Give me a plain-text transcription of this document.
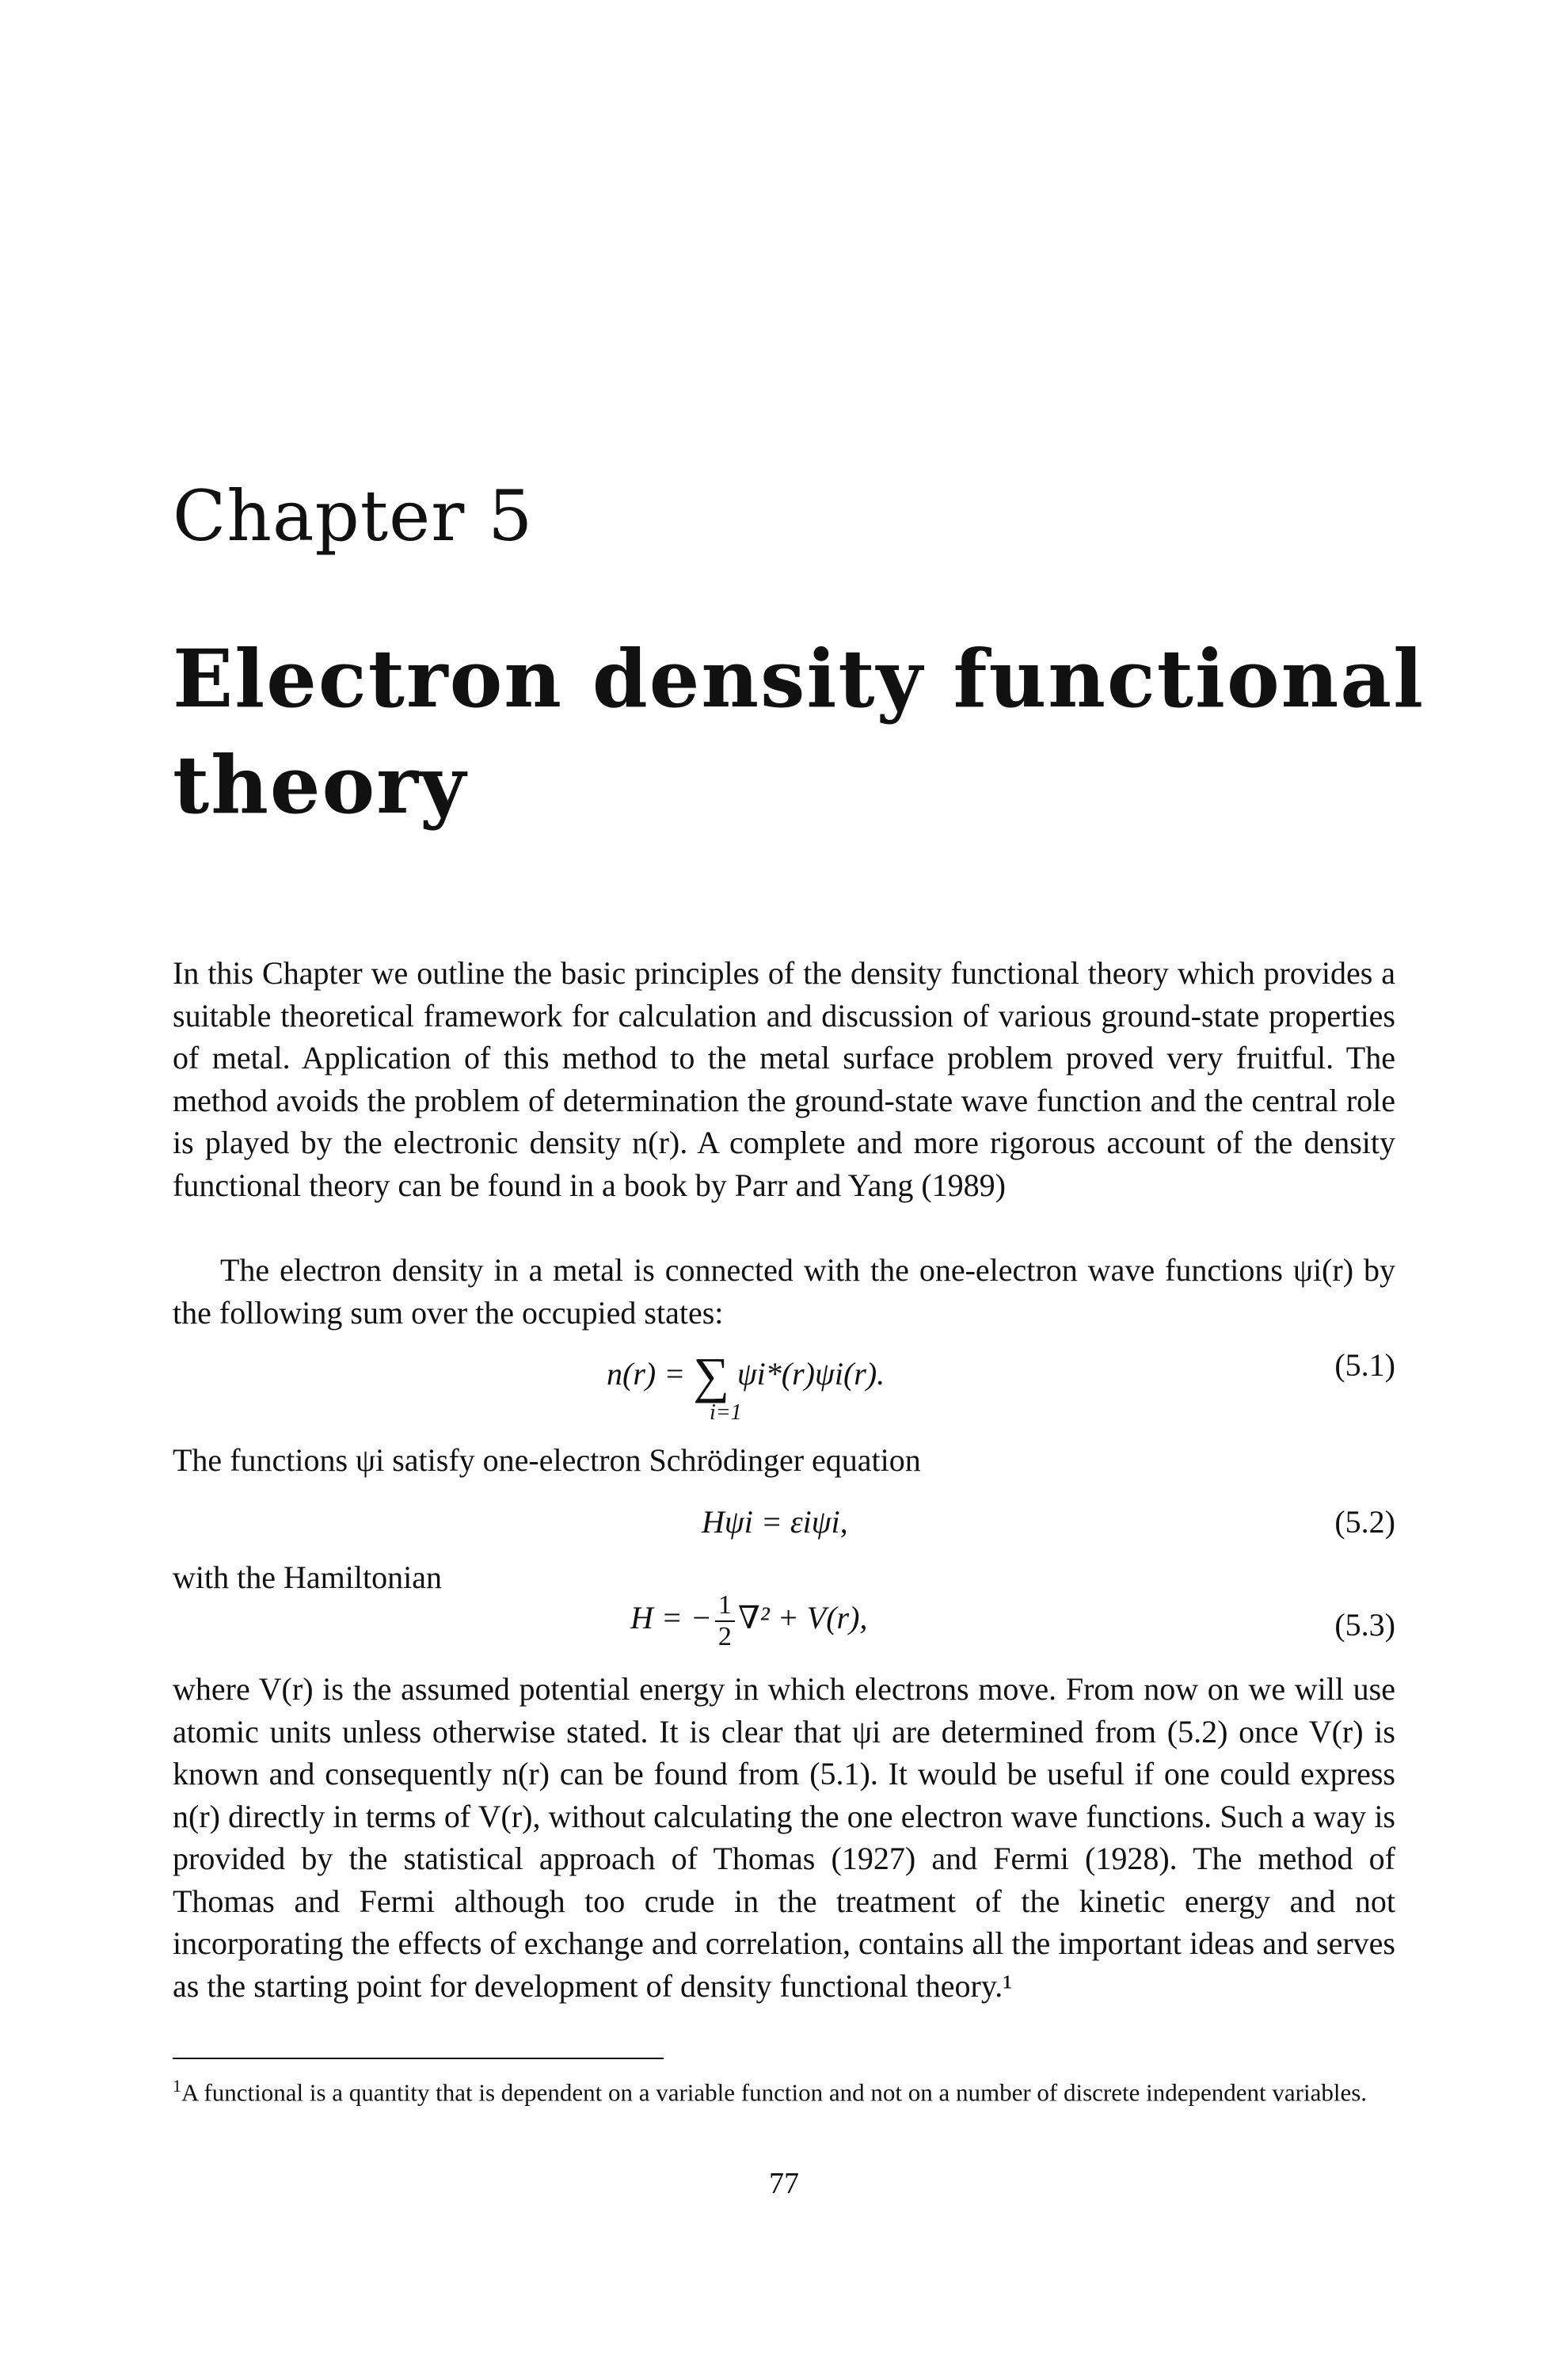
Chapter 5
Electron density functional theory

In this Chapter we outline the basic principles of the density functional theory which provides a suitable theoretical framework for calculation and discussion of various ground-state properties of metal. Application of this method to the metal surface problem proved very fruitful. The method avoids the problem of determination the ground-state wave function and the central role is played by the electronic density n(r). A complete and more rigorous account of the density functional theory can be found in a book by Parr and Yang (1989)

The electron density in a metal is connected with the one-electron wave functions ψi(r) by the following sum over the occupied states:

n(r) = ∑ ψi*(r)ψi(r).
i=1
(5.1)
The functions ψi satisfy one-electron Schrödinger equation
Hψi = εiψi,	(5.2)
with the Hamiltonian
H = − $\frac{1}{2} \nabla^2 + V(r)$,	(5.3)

where V(r) is the assumed potential energy in which electrons move. From now on we will use atomic units unless otherwise stated. It is clear that ψi are determined from (5.2) once V(r) is known and consequently n(r) can be found from (5.1). It would be useful if one could express n(r) directly in terms of V(r), without calculating the one electron wave functions. Such a way is provided by the statistical approach of Thomas (1927) and Fermi (1928). The method of Thomas and Fermi although too crude in the treatment of the kinetic energy and not incorporating the effects of exchange and correlation, contains all the important ideas and serves as the starting point for development of density functional theory.¹

$^1$A functional is a quantity that is dependent on a variable function and not on a number of discrete independent variables.
77
